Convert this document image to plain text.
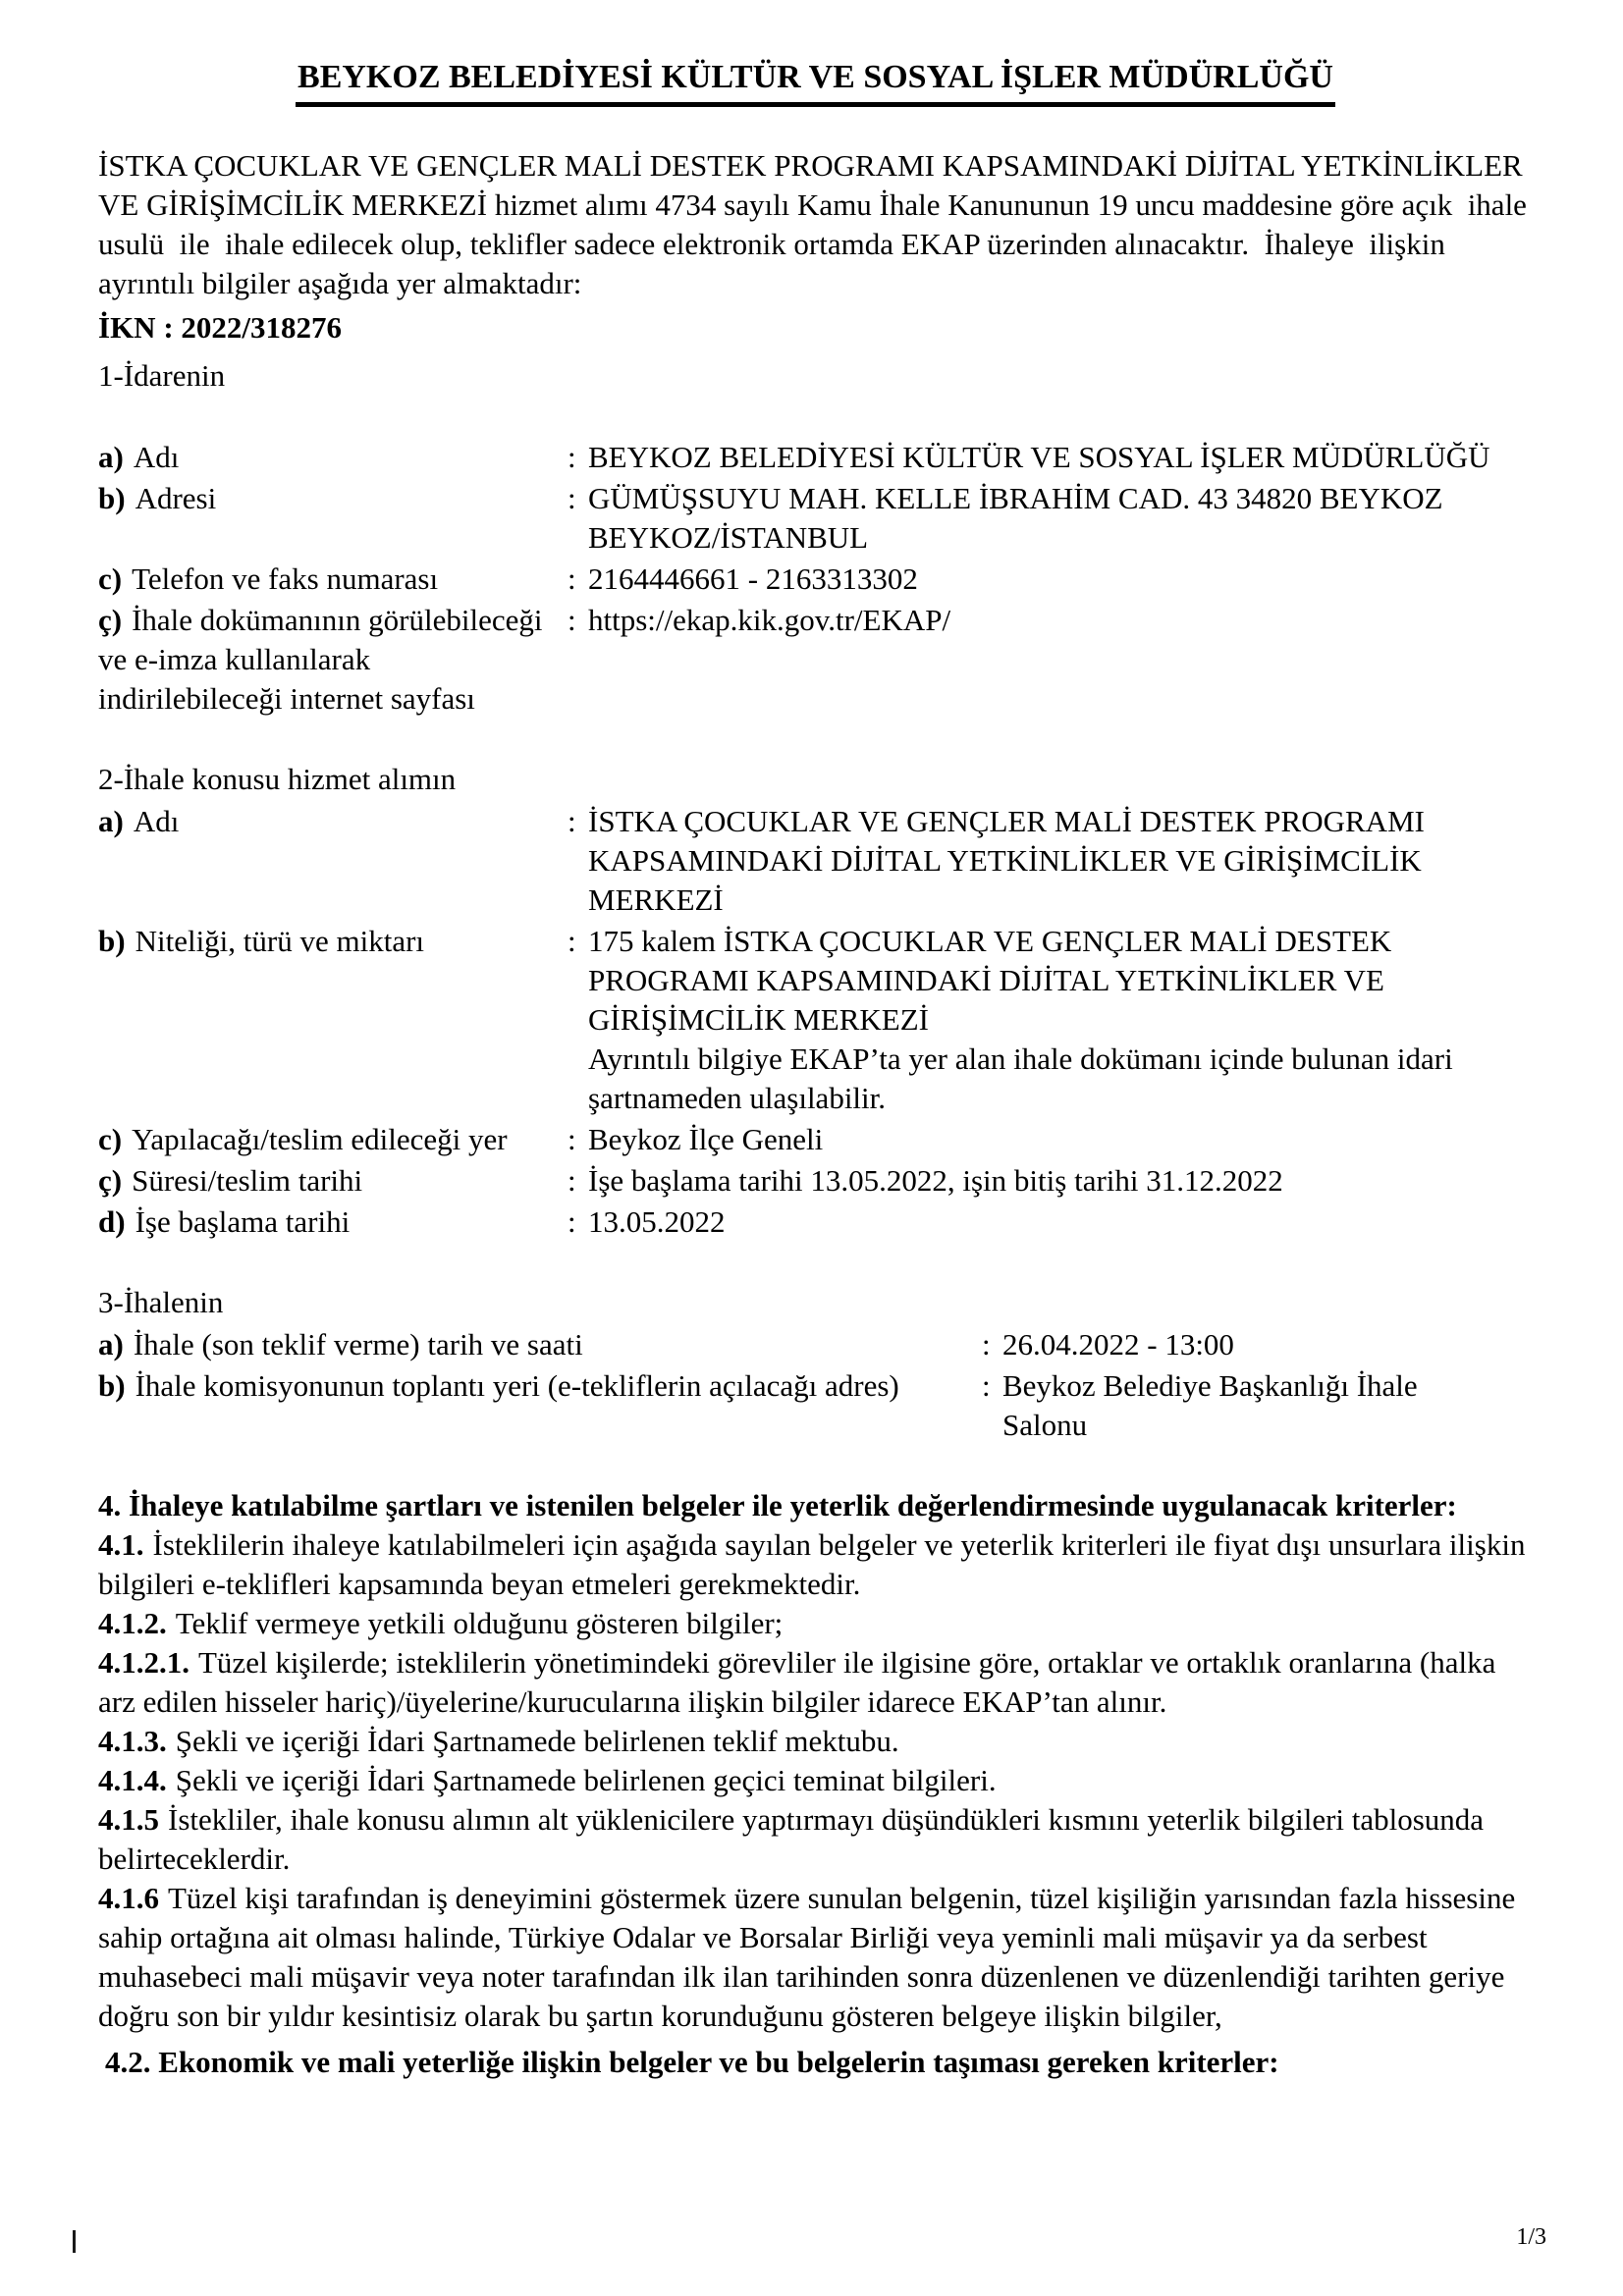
BEYKOZ BELEDİYESİ KÜLTÜR VE SOSYAL İŞLER MÜDÜRLÜĞÜ

İSTKA ÇOCUKLAR VE GENÇLER MALİ DESTEK PROGRAMI KAPSAMINDAKİ DİJİTAL YETKİNLİKLER VE GİRİŞİMCİLİK MERKEZİ hizmet alımı 4734 sayılı Kamu İhale Kanununun 19 uncu maddesine göre açık  ihale usulü  ile  ihale edilecek olup, teklifler sadece elektronik ortamda EKAP üzerinden alınacaktır.  İhaleye  ilişkin ayrıntılı bilgiler aşağıda yer almaktadır:

İKN : 2022/318276
1-İdarenin
a) Adı	: BEYKOZ BELEDİYESİ KÜLTÜR VE SOSYAL İŞLER MÜDÜRLÜĞÜ
b) Adresi	: GÜMÜŞSUYU MAH. KELLE İBRAHİM CAD. 43 34820 BEYKOZ BEYKOZ/İSTANBUL
c) Telefon ve faks numarası	: 2164446661 - 2163313302
ç) İhale dokümanının görülebileceği ve e-imza kullanılarak indirilebileceği internet sayfası
: https://ekap.kik.gov.tr/EKAP/
2-İhale konusu hizmet alımın
a) Adı	: İSTKA ÇOCUKLAR VE GENÇLER MALİ DESTEK PROGRAMI KAPSAMINDAKİ DİJİTAL YETKİNLİKLER VE GİRİŞİMCİLİK MERKEZİ
b) Niteliği, türü ve miktarı	: 175 kalem İSTKA ÇOCUKLAR VE GENÇLER MALİ DESTEK PROGRAMI KAPSAMINDAKİ DİJİTAL YETKİNLİKLER VE GİRİŞİMCİLİK MERKEZİ
Ayrıntılı bilgiye EKAP’ta yer alan ihale dokümanı içinde bulunan idari şartnameden ulaşılabilir.
c) Yapılacağı/teslim edileceği yer	: Beykoz İlçe Geneli
ç) Süresi/teslim tarihi	: İşe başlama tarihi 13.05.2022, işin bitiş tarihi 31.12.2022
d) İşe başlama tarihi	: 13.05.2022
3-İhalenin
a) İhale (son teklif verme) tarih ve saati	: 26.04.2022 - 13:00
b) İhale komisyonunun toplantı yeri (e-tekliflerin açılacağı adres)	: Beykoz Belediye Başkanlığı İhale Salonu
4. İhaleye katılabilme şartları ve istenilen belgeler ile yeterlik değerlendirmesinde uygulanacak kriterler:

4.1. İsteklilerin ihaleye katılabilmeleri için aşağıda sayılan belgeler ve yeterlik kriterleri ile fiyat dışı unsurlara ilişkin bilgileri e-teklifleri kapsamında beyan etmeleri gerekmektedir.

4.1.2. Teklif vermeye yetkili olduğunu gösteren bilgiler;

4.1.2.1. Tüzel kişilerde; isteklilerin yönetimindeki görevliler ile ilgisine göre, ortaklar ve ortaklık oranlarına (halka arz edilen hisseler hariç)/üyelerine/kurucularına ilişkin bilgiler idarece EKAP’tan alınır.

4.1.3. Şekli ve içeriği İdari Şartnamede belirlenen teklif mektubu.

4.1.4. Şekli ve içeriği İdari Şartnamede belirlenen geçici teminat bilgileri.

4.1.5 İstekliler, ihale konusu alımın alt yüklenicilere yaptırmayı düşündükleri kısmını yeterlik bilgileri tablosunda belirteceklerdir.

4.1.6 Tüzel kişi tarafından iş deneyimini göstermek üzere sunulan belgenin, tüzel kişiliğin yarısından fazla hissesine sahip ortağına ait olması halinde, Türkiye Odalar ve Borsalar Birliği veya yeminli mali müşavir ya da serbest muhasebeci mali müşavir veya noter tarafından ilk ilan tarihinden sonra düzenlenen ve düzenlendiği tarihten geriye doğru son bir yıldır kesintisiz olarak bu şartın korunduğunu gösteren belgeye ilişkin bilgiler,

4.2. Ekonomik ve mali yeterliğe ilişkin belgeler ve bu belgelerin taşıması gereken kriterler:

1/3
